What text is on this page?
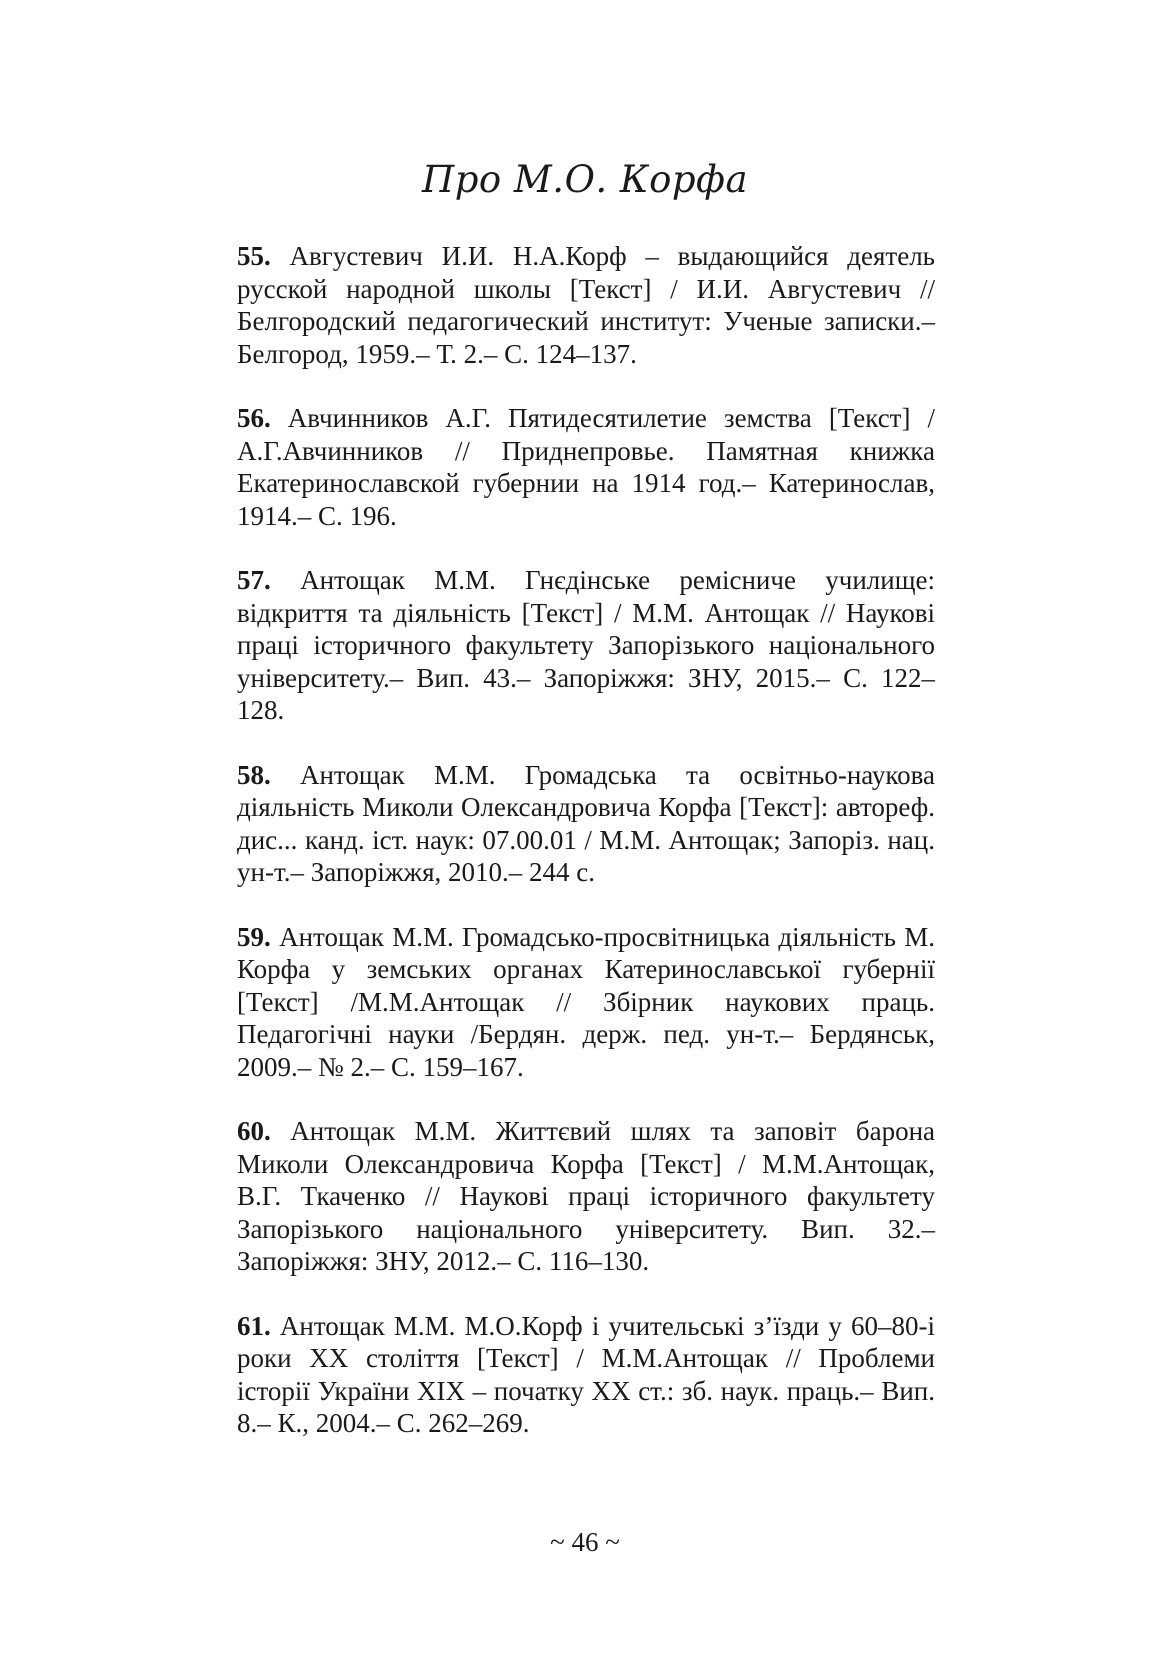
Про М.О. Корфа

55. Августевич И.И. Н.А.Корф – выдающийся деятель русской народной школы [Текст] / И.И. Августевич //Белгородский педагогический институт: Ученые записки.– Белгород, 1959.– Т. 2.– С. 124–137.

56. Авчинников А.Г. Пятидесятилетие земства [Текст] /А.Г.Авчинников // Приднепровье. Памятная книжка Екатеринославской губернии на 1914 год.– Катеринослав, 1914.– С. 196.

57. Антощак М.М. Гнєдінське ремісниче училище: відкриття та діяльність [Текст] / М.М. Антощак // Наукові праці історичного факультету Запорізького національного університету.– Вип. 43.– Запоріжжя: ЗНУ, 2015.– С. 122–128.

58. Антощак М.М. Громадська та освітньо-наукова діяльність Миколи Олександровича Корфа [Текст]: автореф. дис... канд. іст. наук: 07.00.01 / М.М. Антощак; Запоріз. нац. ун-т.– Запоріжжя, 2010.– 244 с.

59. Антощак М.М. Громадсько-просвітницька діяльність М. Корфа у земських органах Катеринославської губернії [Текст] /М.М.Антощак // Збірник наукових праць. Педагогічні науки /Бердян. держ. пед. ун-т.– Бердянськ, 2009.– № 2.– С. 159–167.

60. Антощак М.М. Життєвий шлях та заповіт барона Миколи Олександровича Корфа [Текст] / М.М.Антощак, В.Г. Ткаченко // Наукові праці історичного факультету Запорізького національного університету. Вип. 32.– Запоріжжя: ЗНУ, 2012.– С. 116–130.

61. Антощак М.М. М.О.Корф і учительські з’їзди у 60–80-і роки ХХ століття [Текст] / М.М.Антощак // Проблеми історії України ХІХ – початку ХХ ст.: зб. наук. праць.– Вип. 8.– К., 2004.– С. 262–269.

~ 46 ~
